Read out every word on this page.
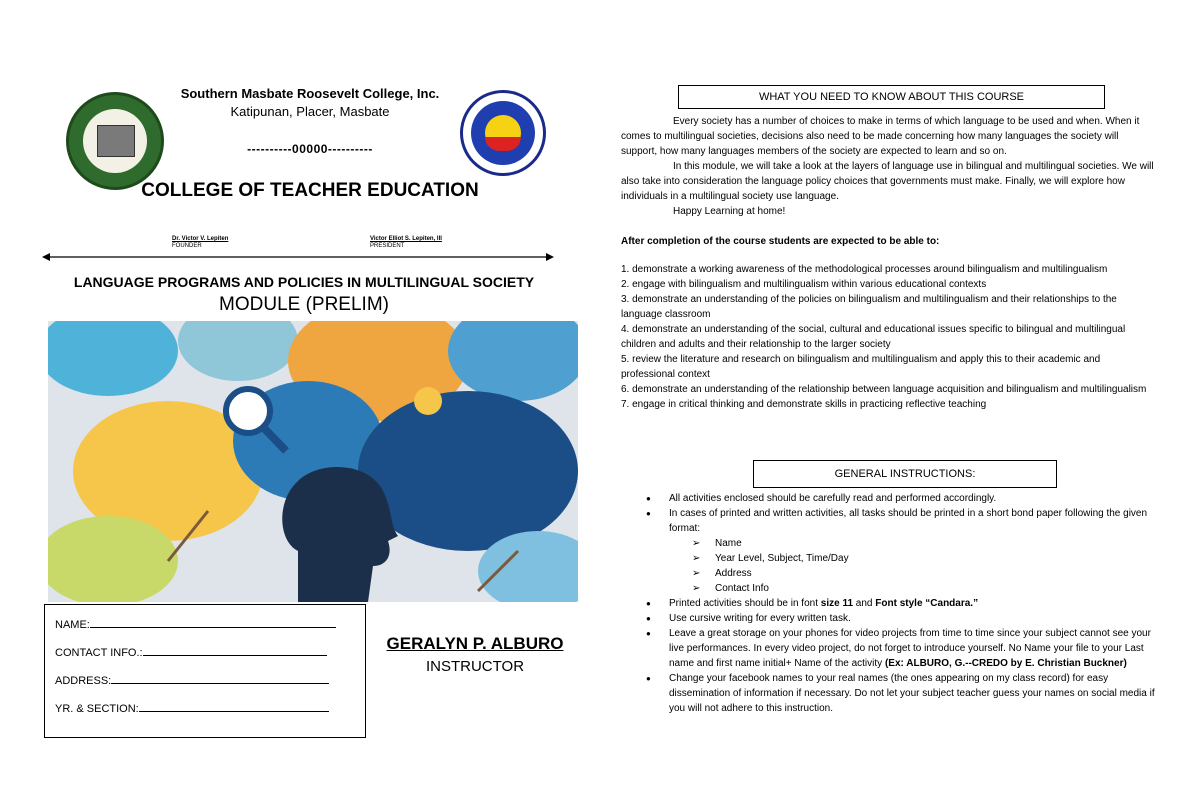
Southern Masbate Roosevelt College, Inc.
Katipunan, Placer, Masbate
----------00000----------
COLLEGE OF TEACHER EDUCATION
Dr. Victor V. Lepiten
FOUNDER
Victor Elliot S. Lepiten, III
PRESIDENT
LANGUAGE PROGRAMS AND POLICIES IN MULTILINGUAL SOCIETY
MODULE (PRELIM)
NAME:
CONTACT INFO.:
ADDRESS:
YR. & SECTION:
GERALYN P. ALBURO
INSTRUCTOR
WHAT YOU NEED TO KNOW ABOUT THIS COURSE
Every society has a number of choices to make in terms of which language to be used and when. When it comes to multilingual societies, decisions also need to be made concerning how many languages the society will support, how many languages members of the society are expected to learn and so on.
In this module, we will take a look at the layers of language use in bilingual and multilingual societies. We will also take into consideration the language policy choices that governments must make. Finally, we will explore how individuals in a multilingual society use language.
Happy Learning at home!
After completion of the course students are expected to be able to:
1. demonstrate a working awareness of the methodological processes around bilingualism and multilingualism
2. engage with bilingualism and multilingualism within various educational contexts
3. demonstrate an understanding of the policies on bilingualism and multilingualism and their relationships to the language classroom
4. demonstrate an understanding of the social, cultural and educational issues specific to bilingual and multilingual children and adults and their relationship to the larger society
5. review the literature and research on bilingualism and multilingualism and apply this to their academic and professional context
6. demonstrate an understanding of the relationship between language acquisition and bilingualism and multilingualism
7. engage in critical thinking and demonstrate skills in practicing reflective teaching
GENERAL INSTRUCTIONS:
● All activities enclosed should be carefully read and performed accordingly.
● In cases of printed and written activities, all tasks should be printed in a short bond paper following the given format:
➢ Name
➢ Year Level, Subject, Time/Day
➢ Address
➢ Contact Info
● Printed activities should be in font size 11 and Font style “Candara.”
● Use cursive writing for every written task.
● Leave a great storage on your phones for video projects from time to time since your subject cannot see your live performances. In every video project, do not forget to introduce yourself. No Name your file to your Last name and first name initial+ Name of the activity (Ex: ALBURO, G.--CREDO by E. Christian Buckner)
● Change your facebook names to your real names (the ones appearing on my class record) for easy dissemination of information if necessary. Do not let your subject teacher guess your names on social media if you will not adhere to this instruction.
